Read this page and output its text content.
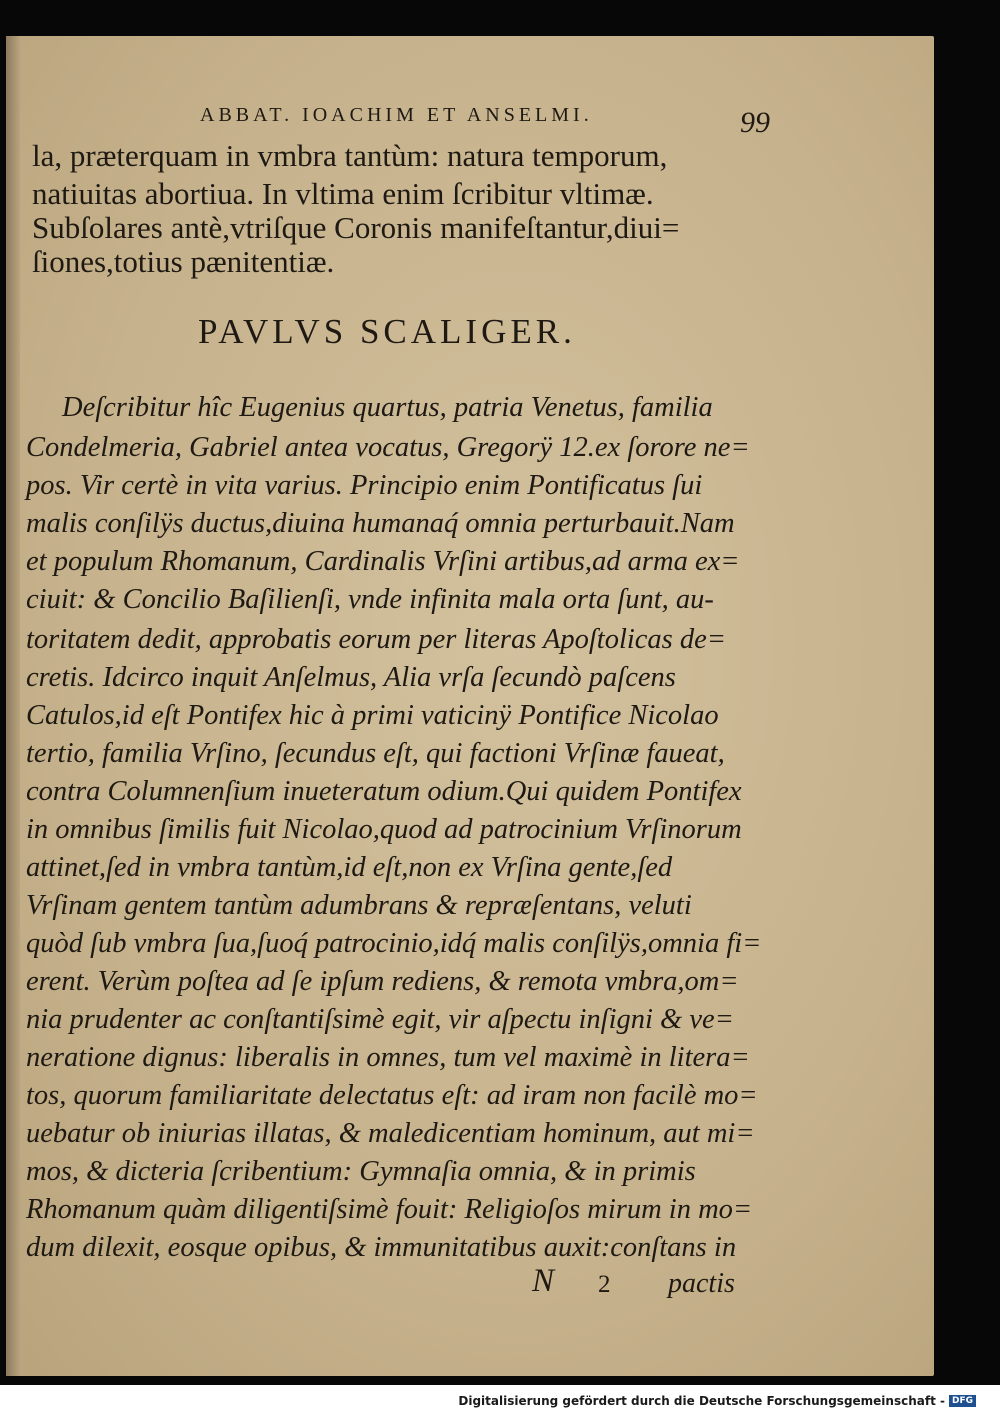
ABBAT. IOACHIM ET ANSELMI.	99
la, præterquam in vmbra tantùm: natura temporum,
natiuitas abortiua. In vltima enim ſcribitur vltimæ.
Subſolares antè,vtriſque Coronis manifeſtantur,diui=
ſiones,totius pænitentiæ.
PAVLVS SCALIGER.
Deſcribitur hîc Eugenius quartus, patria Venetus, familia
Condelmeria, Gabriel antea vocatus, Gregorÿ 12.ex ſorore ne=
pos. Vir certè in vita varius. Principio enim Pontificatus ſui
malis conſilÿs ductus,diuina humanaq́ omnia perturbauit.Nam
et populum Rhomanum, Cardinalis Vrſini artibus,ad arma ex=
ciuit: & Concilio Baſilienſi, vnde infinita mala orta ſunt, au-
toritatem dedit, approbatis eorum per literas Apoſtolicas de=
cretis. Idcirco inquit Anſelmus, Alia vrſa ſecundò paſcens
Catulos,id eſt Pontifex hic à primi vaticinÿ Pontifice Nicolao
tertio, familia Vrſino, ſecundus eſt, qui factioni Vrſinæ faueat,
contra Columnenſium inueteratum odium.Qui quidem Pontifex
in omnibus ſimilis fuit Nicolao,quod ad patrocinium Vrſinorum
attinet,ſed in vmbra tantùm,id eſt,non ex Vrſina gente,ſed
Vrſinam gentem tantùm adumbrans & repræſentans, veluti
quòd ſub vmbra ſua,ſuoq́ patrocinio,idq́ malis conſilÿs,omnia fi=
erent. Verùm poſtea ad ſe ipſum rediens, & remota vmbra,om=
nia prudenter ac conſtantiſsimè egit, vir aſpectu inſigni & ve=
neratione dignus: liberalis in omnes, tum vel maximè in litera=
tos, quorum familiaritate delectatus eſt: ad iram non facilè mo=
uebatur ob iniurias illatas, & maledicentiam hominum, aut mi=
mos, & dicteria ſcribentium: Gymnaſia omnia, & in primis
Rhomanum quàm diligentiſsimè fouit: Religioſos mirum in mo=
dum dilexit, eosque opibus, & immunitatibus auxit:conſtans in
N 2 pactis
Digitalisierung gefördert durch die Deutsche Forschungsgemeinschaft - DFG
